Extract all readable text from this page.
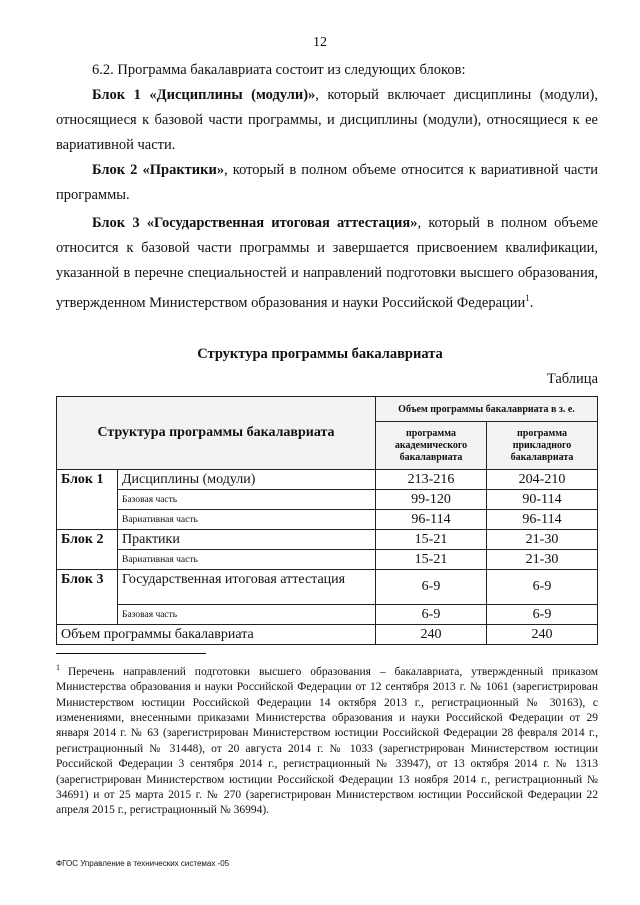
12
6.2. Программа бакалавриата состоит из следующих блоков:
Блок 1 «Дисциплины (модули)», который включает дисциплины (модули), относящиеся к базовой части программы, и дисциплины (модули), относящиеся к ее вариативной части.
Блок 2 «Практики», который в полном объеме относится к вариативной части программы.
Блок 3 «Государственная итоговая аттестация», который в полном объеме относится к базовой части программы и завершается присвоением квалификации, указанной в перечне специальностей и направлений подготовки высшего образования, утвержденном Министерством образования и науки Российской Федерации$^1$.
Структура программы бакалавриата
Таблица
Структура программы бакалавриата		Объем программы бакалавриата в з. е.	
		программа академического бакалавриата	программа прикладного бакалавриата
Блок 1	Дисциплины (модули)	213-216	204-210
	Базовая часть	99-120	90-114
	Вариативная часть	96-114	96-114
Блок 2	Практики	15-21	21-30
	Вариативная часть	15-21	21-30
Блок 3	Государственная итоговая аттестация	6-9	6-9
	Базовая часть	6-9	6-9
Объем программы бакалавриата		240	240
$^1$ Перечень направлений подготовки высшего образования – бакалавриата, утвержденный приказом Министерства образования и науки Российской Федерации от 12 сентября 2013 г. № 1061 (зарегистрирован Министерством юстиции Российской Федерации 14 октября 2013 г., регистрационный № 30163), с изменениями, внесенными приказами Министерства образования и науки Российской Федерации от 29 января 2014 г. № 63 (зарегистрирован Министерством юстиции Российской Федерации 28 февраля 2014 г., регистрационный № 31448), от 20 августа 2014 г. № 1033 (зарегистрирован Министерством юстиции Российской Федерации 3 сентября 2014 г., регистрационный № 33947), от 13 октября 2014 г. № 1313 (зарегистрирован Министерством юстиции Российской Федерации 13 ноября 2014 г., регистрационный № 34691) и от 25 марта 2015 г. № 270 (зарегистрирован Министерством юстиции Российской Федерации 22 апреля 2015 г., регистрационный № 36994).
ФГОС Управление в технических системах -05
